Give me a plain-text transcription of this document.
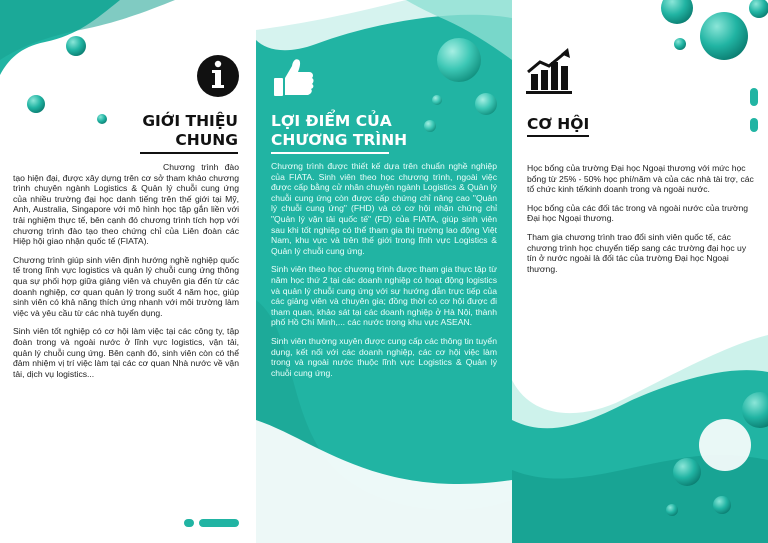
GIỚI THIỆU
CHUNG

Chương trình đào tạo hiện đại, được xây dựng trên cơ sở tham khảo chương trình chuyên ngành Logistics & Quản lý chuỗi cung ứng của nhiều trường đại học danh tiếng trên thế giới tại Mỹ, Anh, Australia, Singapore với mô hình học tập gắn liền với trải nghiệm thực tế, bên cạnh đó chương trình tích hợp với chương trình đào tạo theo chứng chỉ của Liên đoàn các Hiệp hội giao nhận quốc tế (FIATA).

Chương trình giúp sinh viên định hướng nghề nghiệp quốc tế trong lĩnh vực logistics và quản lý chuỗi cung ứng thông qua sự phối hợp giữa giảng viên và chuyên gia đến từ các doanh nghiệp, cơ quan quản lý trong suốt 4 năm học, giúp sinh viên có khả năng thích ứng nhanh với môi trường làm việc và yêu cầu từ các nhà tuyển dụng.

Sinh viên tốt nghiệp có cơ hội làm việc tại các công ty, tập đoàn trong và ngoài nước ở lĩnh vực logistics, vận tải, quản lý chuỗi cung ứng. Bên cạnh đó, sinh viên còn có thể đảm nhiệm vị trí việc làm tại các cơ quan Nhà nước về vận tải, dịch vụ logistics...

LỢI ĐIỂM CỦA
CHƯƠNG TRÌNH

Chương trình được thiết kế dựa trên chuẩn nghề nghiệp của FIATA. Sinh viên theo học chương trình, ngoài việc được cấp bằng cử nhân chuyên ngành Logistics & Quản lý chuỗi cung ứng còn được cấp chứng chỉ nâng cao "Quản lý chuỗi cung ứng" (FHD) và có cơ hội nhận chứng chỉ "Quản lý vận tải quốc tế" (FD) của FIATA, giúp sinh viên sau khi tốt nghiệp có thể tham gia thị trường lao động Việt Nam, khu vực và trên thế giới trong lĩnh vực Logistics & Quản lý chuỗi cung ứng.

Sinh viên theo học chương trình được tham gia thực tập từ năm học thứ 2 tại các doanh nghiệp có hoạt động logistics và quản lý chuỗi cung ứng với sự hướng dẫn trực tiếp của các giảng viên và chuyên gia; đồng thời có cơ hội được đi tham quan, khảo sát tại các doanh nghiệp ở Hà Nội, thành phố Hồ Chí Minh,... các nước trong khu vực ASEAN.

Sinh viên thường xuyên được cung cấp các thông tin tuyển dụng, kết nối với các doanh nghiệp, các cơ hội việc làm trong và ngoài nước thuộc lĩnh vực Logistics & Quản lý chuỗi cung ứng.

CƠ HỘI

Học bổng của trường Đại học Ngoại thương với mức học bổng từ 25% - 50% học phí/năm và của các nhà tài trợ, các tổ chức kinh tế/kinh doanh trong và ngoài nước.

Học bổng của các đối tác trong và ngoài nước của trường Đại học Ngoại thương.

Tham gia chương trình trao đổi sinh viên quốc tế, các chương trình học chuyển tiếp sang các trường đại học uy tín ở nước ngoài là đối tác của trường Đại học Ngoại thương.
